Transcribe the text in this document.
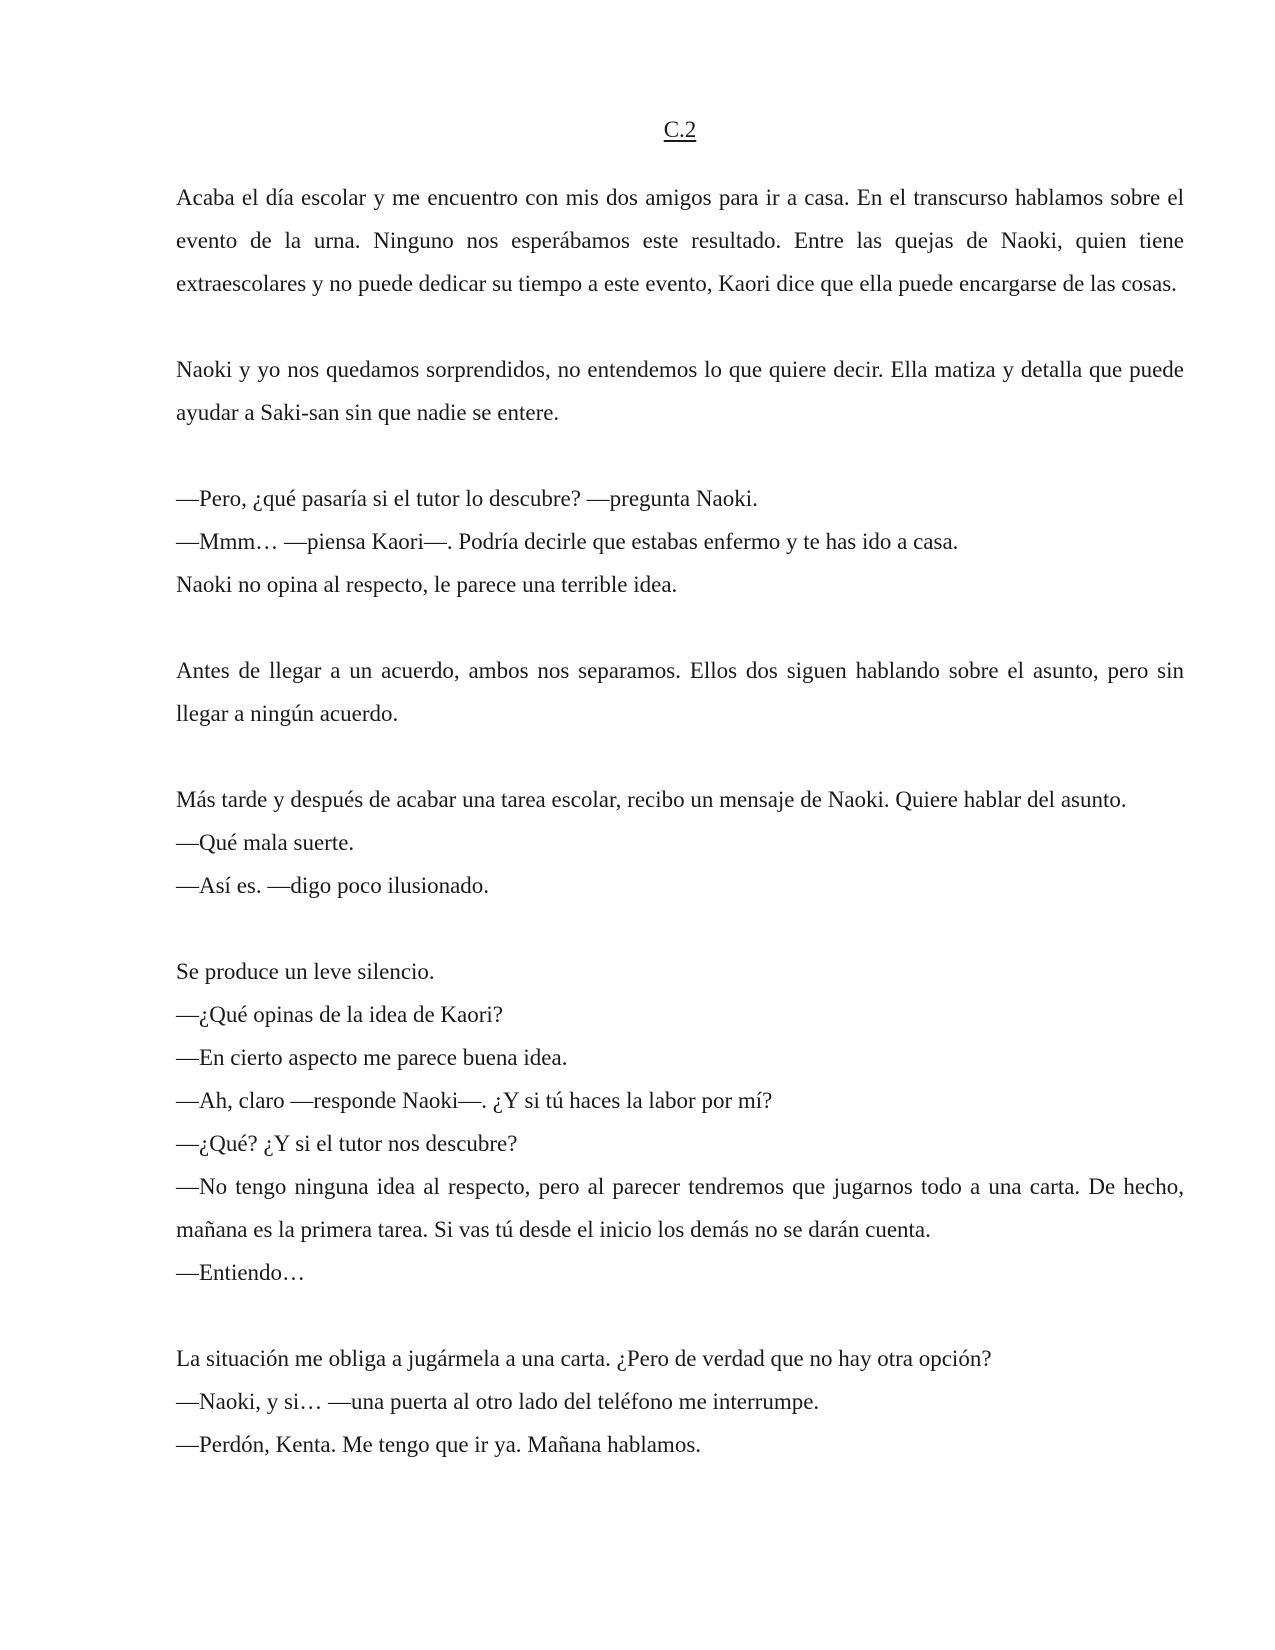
C.2

Acaba el día escolar y me encuentro con mis dos amigos para ir a casa. En el transcurso hablamos sobre el evento de la urna. Ninguno nos esperábamos este resultado. Entre las quejas de Naoki, quien tiene extraescolares y no puede dedicar su tiempo a este evento, Kaori dice que ella puede encargarse de las cosas.

Naoki y yo nos quedamos sorprendidos, no entendemos lo que quiere decir. Ella matiza y detalla que puede ayudar a Saki-san sin que nadie se entere.

—Pero, ¿qué pasaría si el tutor lo descubre? —pregunta Naoki.

—Mmm… —piensa Kaori—. Podría decirle que estabas enfermo y te has ido a casa.

Naoki no opina al respecto, le parece una terrible idea.

Antes de llegar a un acuerdo, ambos nos separamos. Ellos dos siguen hablando sobre el asunto, pero sin llegar a ningún acuerdo.

Más tarde y después de acabar una tarea escolar, recibo un mensaje de Naoki. Quiere hablar del asunto.

—Qué mala suerte.

—Así es. —digo poco ilusionado.

Se produce un leve silencio.

—¿Qué opinas de la idea de Kaori?

—En cierto aspecto me parece buena idea.

—Ah, claro —responde Naoki—. ¿Y si tú haces la labor por mí?

—¿Qué? ¿Y si el tutor nos descubre?

—No tengo ninguna idea al respecto, pero al parecer tendremos que jugarnos todo a una carta. De hecho, mañana es la primera tarea. Si vas tú desde el inicio los demás no se darán cuenta.

—Entiendo…

La situación me obliga a jugármela a una carta. ¿Pero de verdad que no hay otra opción?

—Naoki, y si… —una puerta al otro lado del teléfono me interrumpe.

—Perdón, Kenta. Me tengo que ir ya. Mañana hablamos.
